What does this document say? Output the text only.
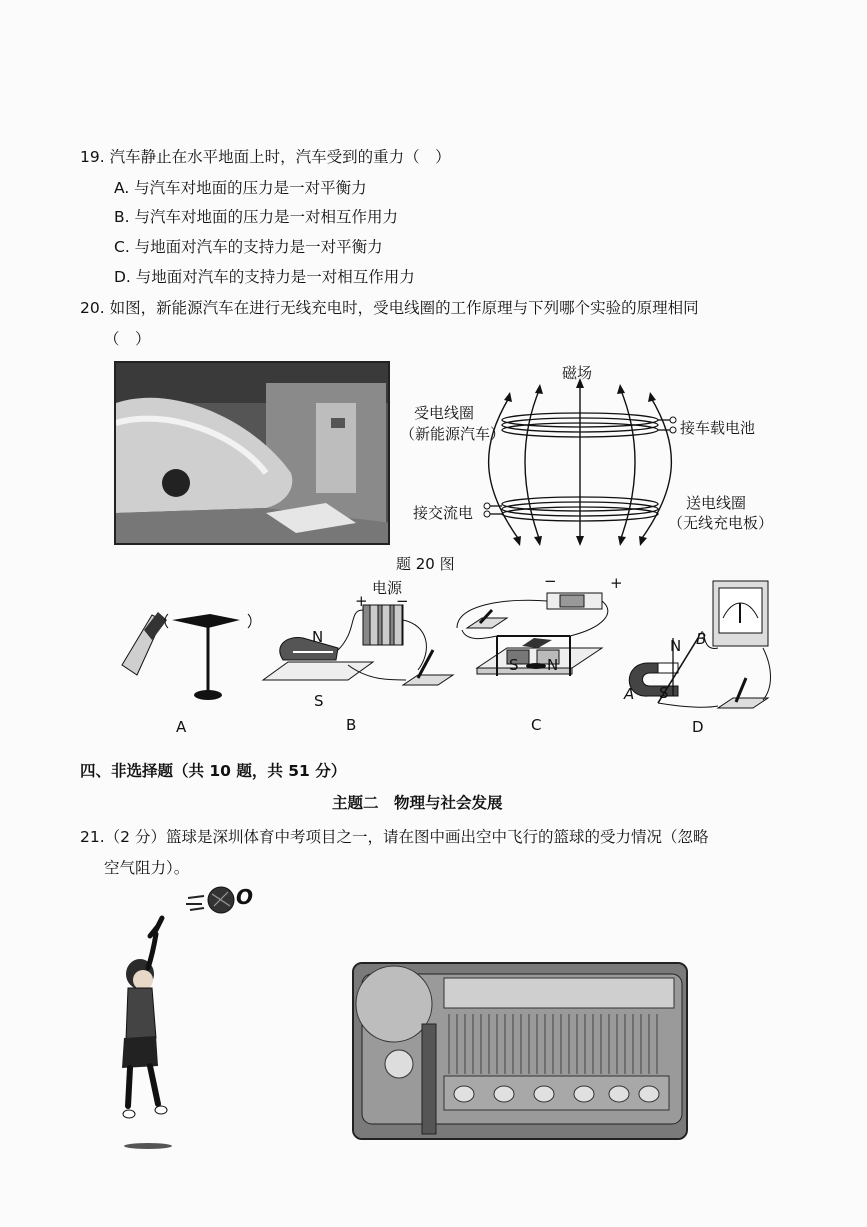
19. 汽车静止在水平地面上时，汽车受到的重力（　）
A. 与汽车对地面的压力是一对平衡力
B. 与汽车对地面的压力是一对相互作用力
C. 与地面对汽车的支持力是一对平衡力
D. 与地面对汽车的支持力是一对相互作用力
20. 如图，新能源汽车在进行无线充电时，受电线圈的工作原理与下列哪个实验的原理相同
（　）
磁场
受电线圈
（新能源汽车）	接车载电池
接交流电
送电线圈
（无线充电板）
题 20 图
A
电源
+ −
N
S
B
−	+
S N
C
N B
A S
D
四、非选择题（共 10 题，共 51 分）
主题二　物理与社会发展
21.（2 分）篮球是深圳体育中考项目之一，请在图中画出空中飞行的篮球的受力情况（忽略
空气阻力）。
O
